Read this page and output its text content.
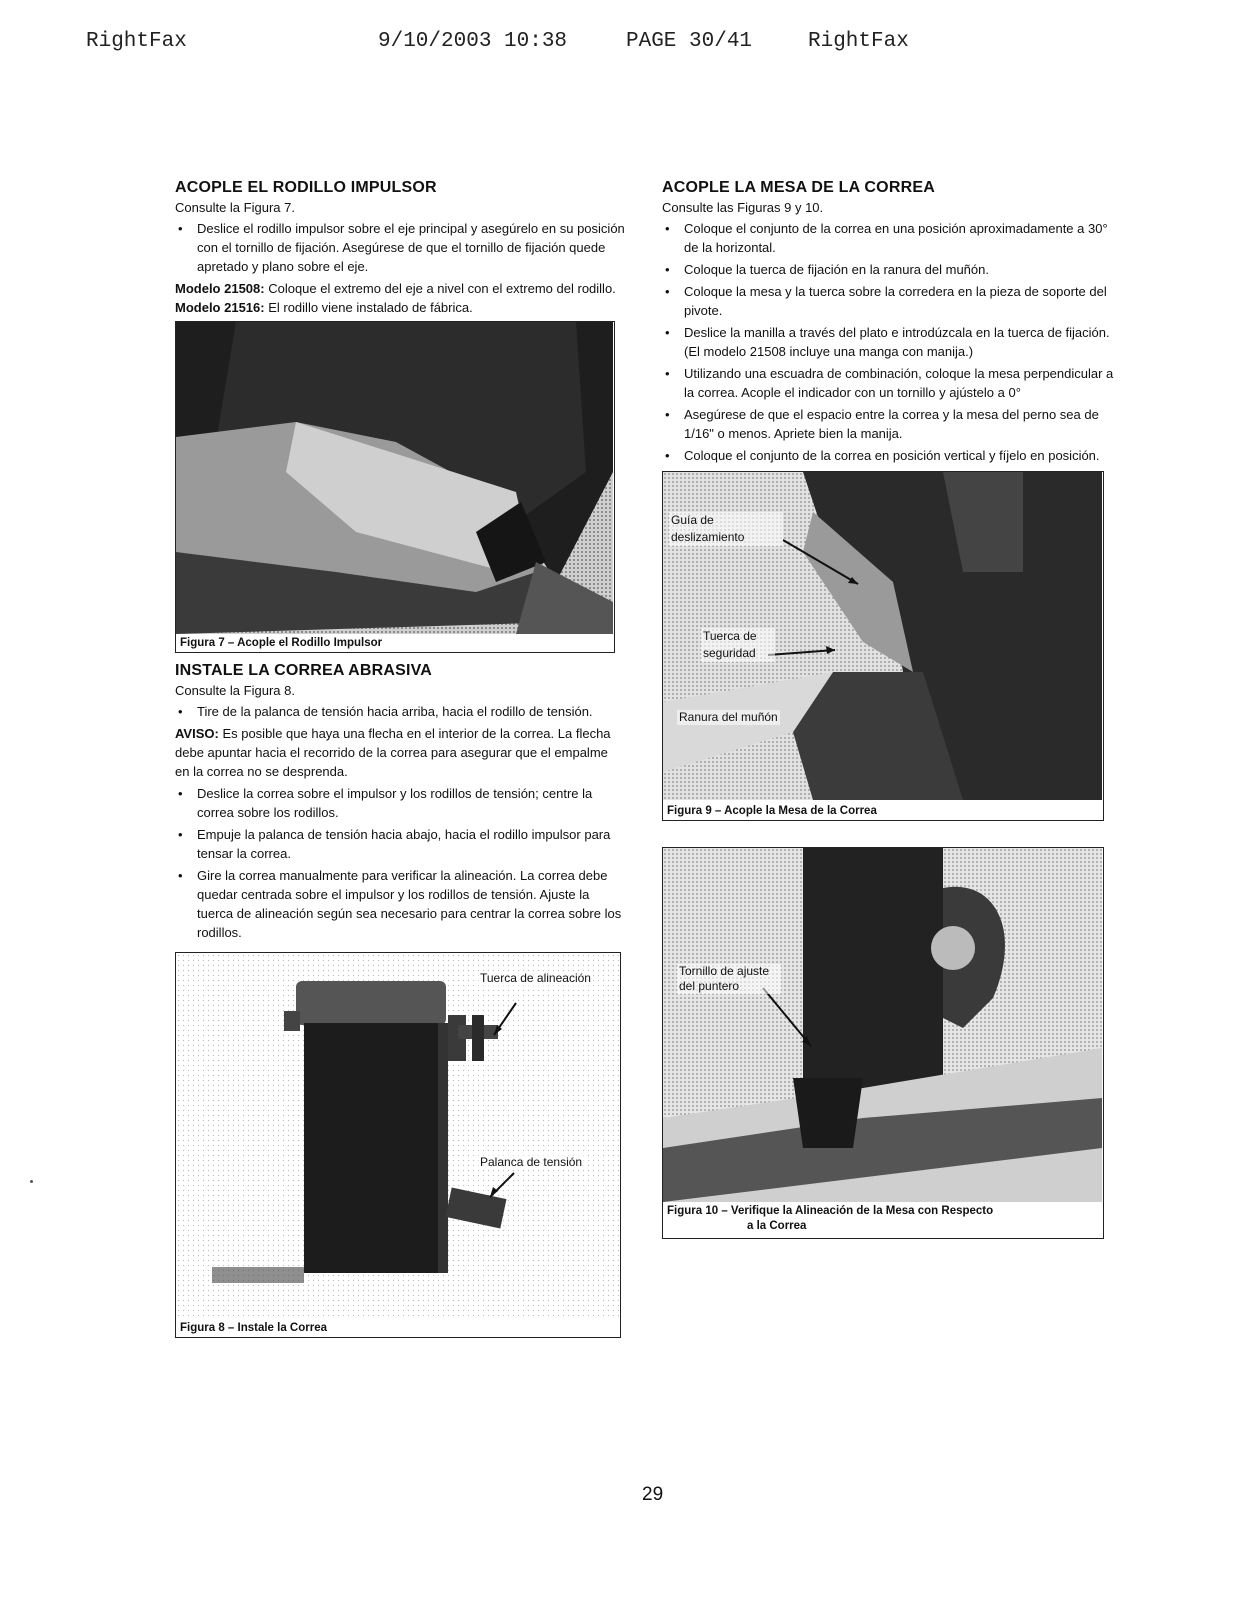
RightFax	9/10/2003 10:38	PAGE 30/41	RightFax
ACOPLE EL RODILLO IMPULSOR

Consulte la Figura 7.

• Deslice el rodillo impulsor sobre el eje principal y asegúrelo en su posición con el tornillo de fijación. Asegúrese de que el tornillo de fijación quede apretado y plano sobre el eje.

Modelo 21508: Coloque el extremo del eje a nivel con el extremo del rodillo.

Modelo 21516: El rodillo viene instalado de fábrica.

Figura 7 – Acople el Rodillo Impulsor
INSTALE LA CORREA ABRASIVA

Consulte la Figura 8.

• Tire de la palanca de tensión hacia arriba, hacia el rodillo de tensión.

AVISO: Es posible que haya una flecha en el interior de la correa. La flecha debe apuntar hacia el recorrido de la correa para asegurar que el empalme en la correa no se desprenda.

• Deslice la correa sobre el impulsor y los rodillos de tensión; centre la correa sobre los rodillos.
• Empuje la palanca de tensión hacia abajo, hacia el rodillo impulsor para tensar la correa.
• Gire la correa manualmente para verificar la alineación. La correa debe quedar centrada sobre el impulsor y los rodillos de tensión. Ajuste la tuerca de alineación según sea necesario para centrar la correa sobre los rodillos.
Tuerca de alineación
Palanca de tensión
Figura 8 – Instale la Correa
ACOPLE LA MESA DE LA CORREA

Consulte las Figuras 9 y 10.

• Coloque el conjunto de la correa en una posición aproximadamente a 30° de la horizontal.
• Coloque la tuerca de fijación en la ranura del muñón.
• Coloque la mesa y la tuerca sobre la corredera en la pieza de soporte del pivote.
• Deslice la manilla a través del plato e introdúzcala en la tuerca de fijación. (El modelo 21508 incluye una manga con manija.)
• Utilizando una escuadra de combinación, coloque la mesa perpendicular a la correa. Acople el indicador con un tornillo y ajústelo a 0°
• Asegúrese de que el espacio entre la correa y la mesa del perno sea de 1/16" o menos. Apriete bien la manija.
• Coloque el conjunto de la correa en posición vertical y fíjelo en posición.
Guía de deslizamiento
Tuerca de seguridad
Ranura del muñón
Figura 9 – Acople la Mesa de la Correa
Tornillo de ajuste del puntero
Figura 10 – Verifique la Alineación de la Mesa con Respecto
a la Correa
29
